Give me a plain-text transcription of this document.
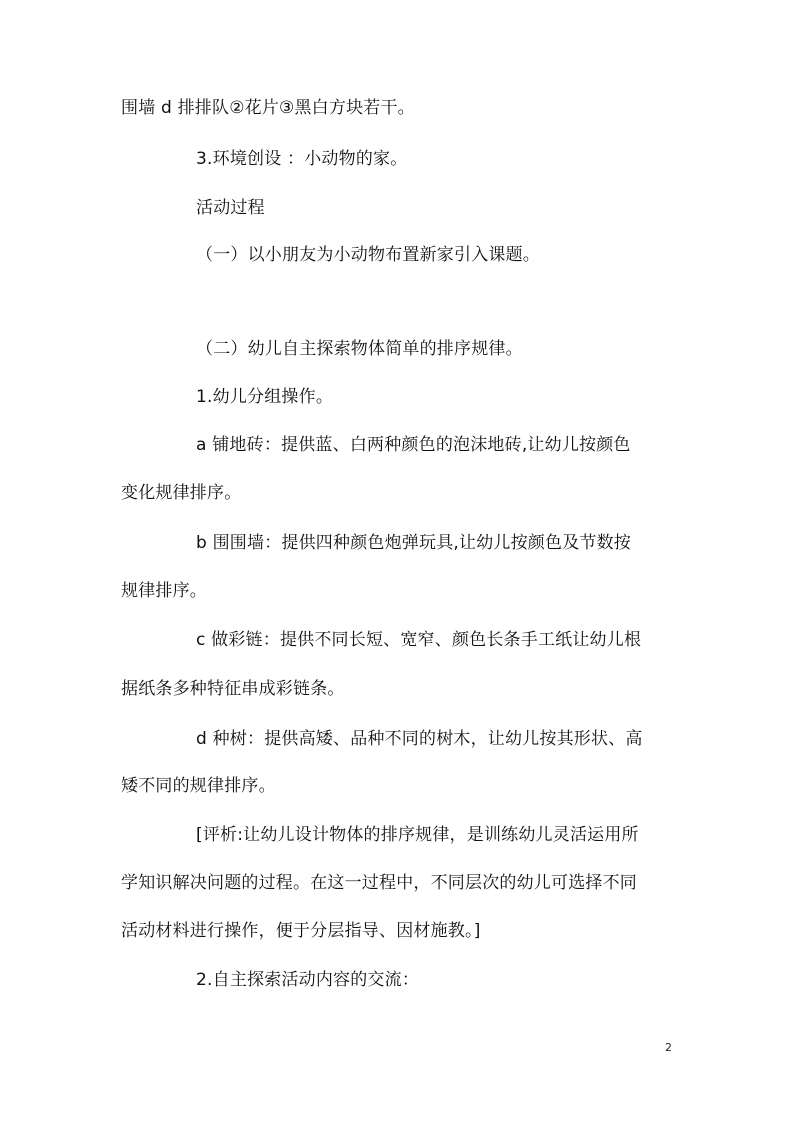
围墙 d 排排队②花片③黑白方块若干。
3.环境创设 ：小动物的家。
活动过程
（一）以小朋友为小动物布置新家引入课题。
（二）幼儿自主探索物体简单的排序规律。
1.幼儿分组操作。
a 铺地砖：提供蓝、白两种颜色的泡沫地砖,让幼儿按颜色
变化规律排序。
b 围围墙：提供四种颜色炮弹玩具,让幼儿按颜色及节数按
规律排序。
c 做彩链：提供不同长短、宽窄、颜色长条手工纸让幼儿根
据纸条多种特征串成彩链条。
d 种树：提供高矮、品种不同的树木，让幼儿按其形状、高
矮不同的规律排序。
[评析:让幼儿设计物体的排序规律，是训练幼儿灵活运用所
学知识解决问题的过程。在这一过程中，不同层次的幼儿可选择不同
活动材料进行操作，便于分层指导、因材施教。]
2.自主探索活动内容的交流：
2
